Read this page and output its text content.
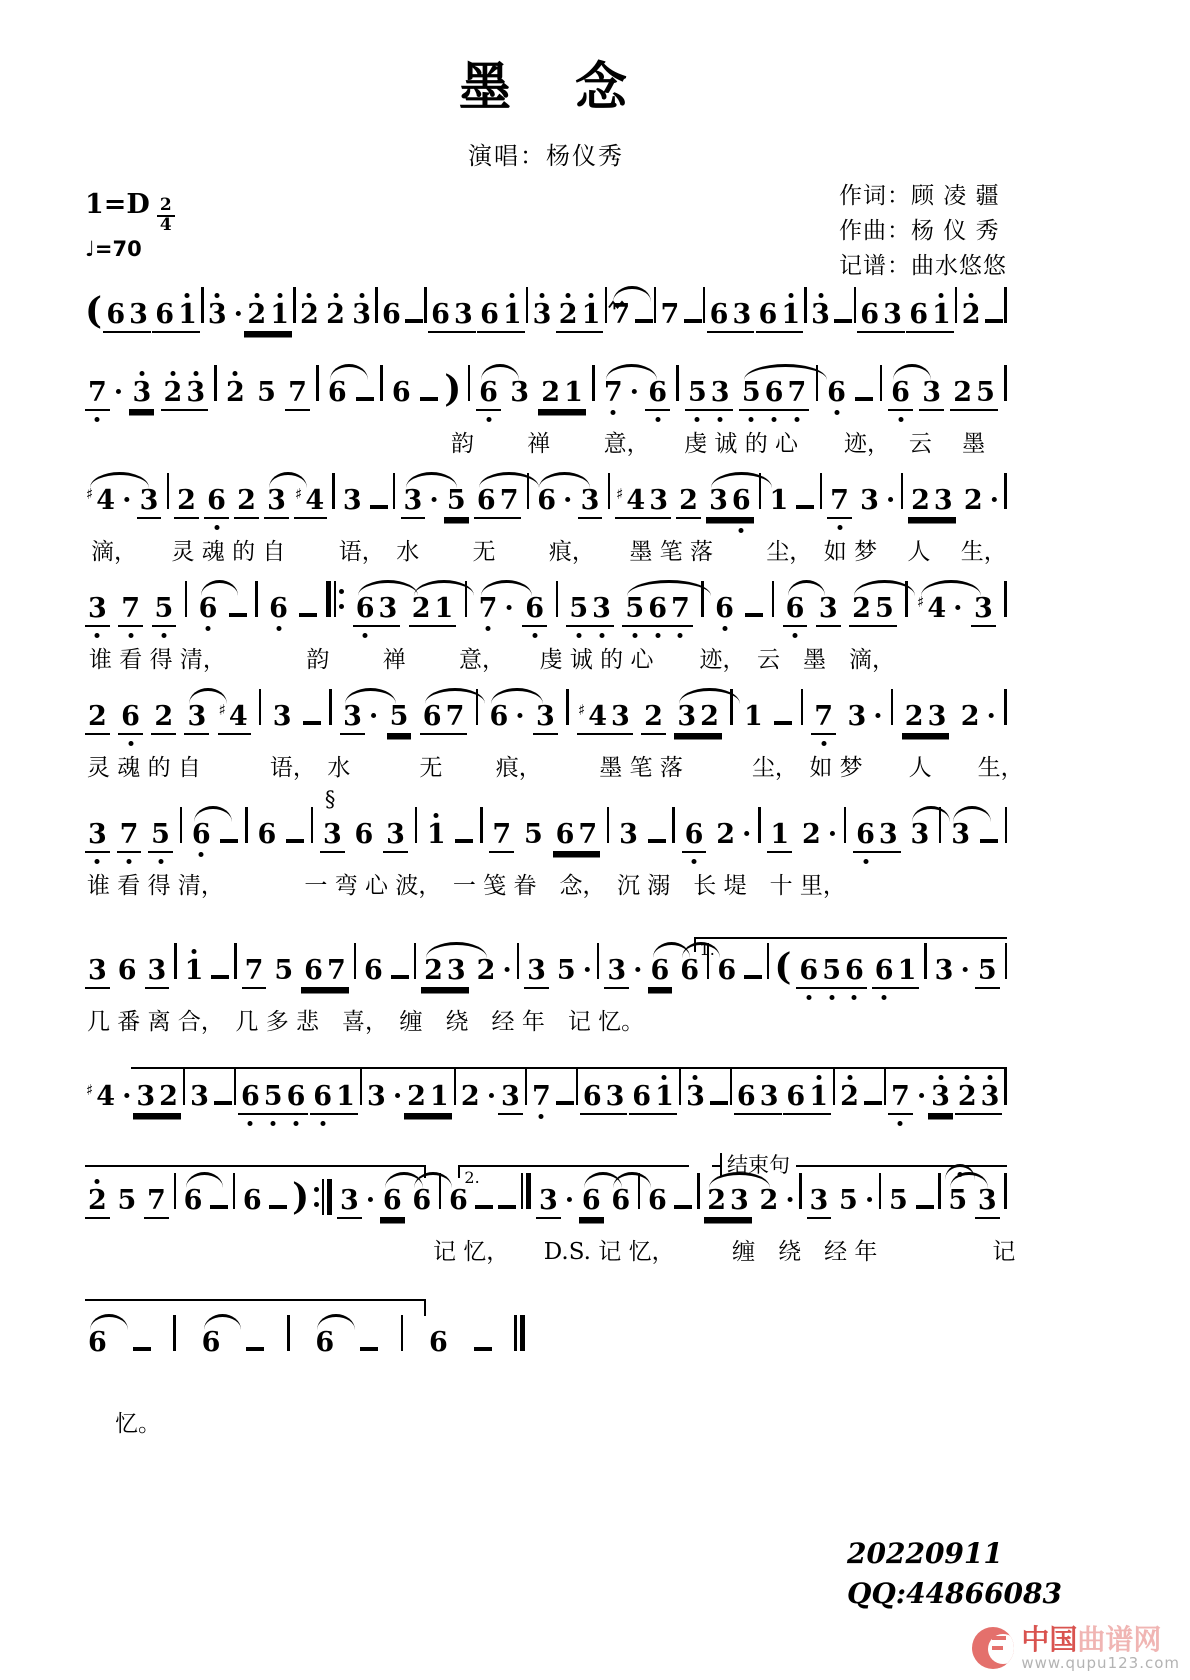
墨　念
演唱：杨仪秀
$1=D \frac{2}{4}$
♩=70
作词：顾 凌 疆
作曲：杨 仪 秀
记谱：曲水悠悠
( 6 3 6 1 3 · 2 1 2 2 3 6 6 3 6 1 3 2 1 7 7 6 3 6 1 3 6 3 6 1 2
7 · 3 2 3 2 5 7 6 6 ) 6 3 2 1 7 · 6 5 3 5 6 7 6 6 3 2 5
韵　　 禅　　 意，　　虔 诚 的 心　　迹，　 云　 墨
♯ 4 · 3 2 6 2 3 ♯ 4 3 3 · 5 6 7 6 · 3 ♯ 4 3 2 3 6 1 7 3 · 2 3 2 ·
滴，　　灵 魂 的 自　　 语，　水　　 无　　 痕，　　墨 笔 落　　 尘，　如 梦　 人　 生，
3 7 5 6 6	6 3 2 1 7 · 6 5 3 5 6 7 6 6 3 2 5 ♯ 4 · 3
谁 看 得 清，　　　　韵　　 禅　　 意，　　虔 诚 的 心　　迹，　云　墨　滴，
2 6 2 3 ♯ 4 3 3 · 5 6 7 6 · 3 ♯ 4 3 2 3 2 1 7 3 · 2 3 2 ·
灵 魂 的 自　　　语，　水　　　无　　 痕，　　　墨 笔 落　　　尘，　如 梦　　人　　生，
3 7 5 6 6
§
3 6 3 1 7 5 6 7 3 6 2 · 1 2 · 6 3 3 3
谁 看 得 清，　　　　一 弯 心 波，　一 笺 眷　念，　沉 溺　长 堤　十 里，
1.
3 6 3 1 7 5 6 7 6 2 3 2 · 3 5 · 3 · 6 6 6 ( 6 5 6 6 1 3 · 5
几 番 离 合，　几 多 悲　喜，　缠　绕　经 年　记 忆。
♯ 4 · 3 2 3 6 5 6 6 1 3 · 2 1 2 · 3 7 6 3 6 1 3 6 3 6 1 2 7 · 3 2 3
2.
结束句
2 5 7 6 6 ) 3 · 6 6 6	3 · 6 6 6 2 3 2 · 3 5 · 5 5 3
记 忆，　　D.S. 记 忆，　　　缠　绕　经 年　　　　　记
6	6	6	6
忆。
20220911
QQ:44866083
中国曲谱网
www.qupu123.com
